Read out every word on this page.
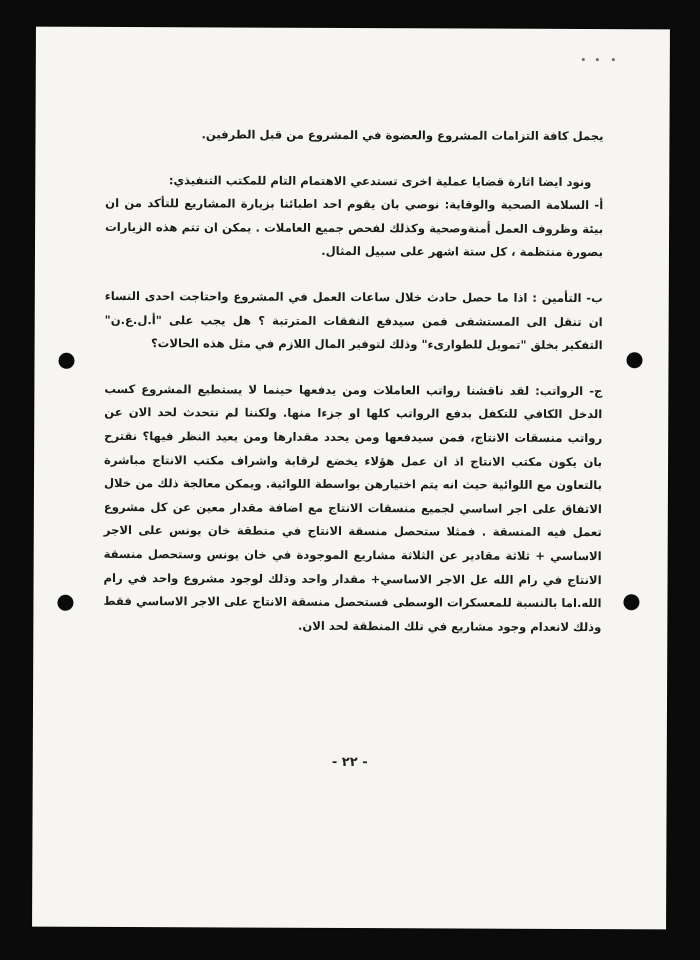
يجمل كافة التزامات المشروع والعضوة في المشروع من قبل الطرفين.

ونود ايضا اثارة قضايا عملية اخرى تستدعي الاهتمام التام للمكتب التنفيذي:

أ- السلامة الصحية والوقاية: نوصي بان يقوم احد اطبائنا بزيارة المشاريع للتأكد من ان بيئة وظروف العمل أمنةوصحية وكذلك لفحص جميع العاملات . يمكن ان تتم هذه الزيارات بصورة منتظمة ، كل ستة اشهر على سبيل المثال.

ب- التأمين : اذا ما حصل حادث خلال ساعات العمل في المشروع واحتاجت احدى النساء ان تنقل الى المستشفى فمن سيدفع النفقات المترتبة ؟ هل يجب على "أ.ل.ع.ن" التفكير بخلق "تمويل للطوارىء" وذلك لتوفير المال اللازم في مثل هذه الحالات؟

ج- الرواتب: لقد ناقشنا رواتب العاملات ومن يدفعها حينما لا يستطيع المشروع كسب الدخل الكافي للتكفل بدفع الرواتب كلها او جزءا منها. ولكننا لم نتحدث لحد الان عن رواتب منسقات الانتاج، فمن سيدفعها ومن يحدد مقدارها ومن يعيد النظر فيها؟ نقترح بان يكون مكتب الانتاج اذ ان عمل هؤلاء يخضع لرقابة واشراف مكتب الانتاج مباشرة بالتعاون مع اللوائية حيث انه يتم اختيارهن بواسطة اللوائية. ويمكن معالجة ذلك من خلال الاتفاق على اجر اساسي لجميع منسقات الانتاج مع اضافة مقدار معين عن كل مشروع تعمل فيه المنسقة . فمثلا ستحصل منسقة الانتاج في منطقة خان يونس على الاجر الاساسي + ثلاثة مقادير عن الثلاثة مشاريع الموجودة في خان يونس وستحصل منسقة الانتاج في رام الله عل الاجر الاساسي+ مقدار واحد وذلك لوجود مشروع واحد في رام الله.اما بالنسبة للمعسكرات الوسطى فستحصل منسقة الانتاج على الاجر الاساسي فقط وذلك لانعدام وجود مشاريع في تلك المنطقة لحد الان.

- ٢٢ -
